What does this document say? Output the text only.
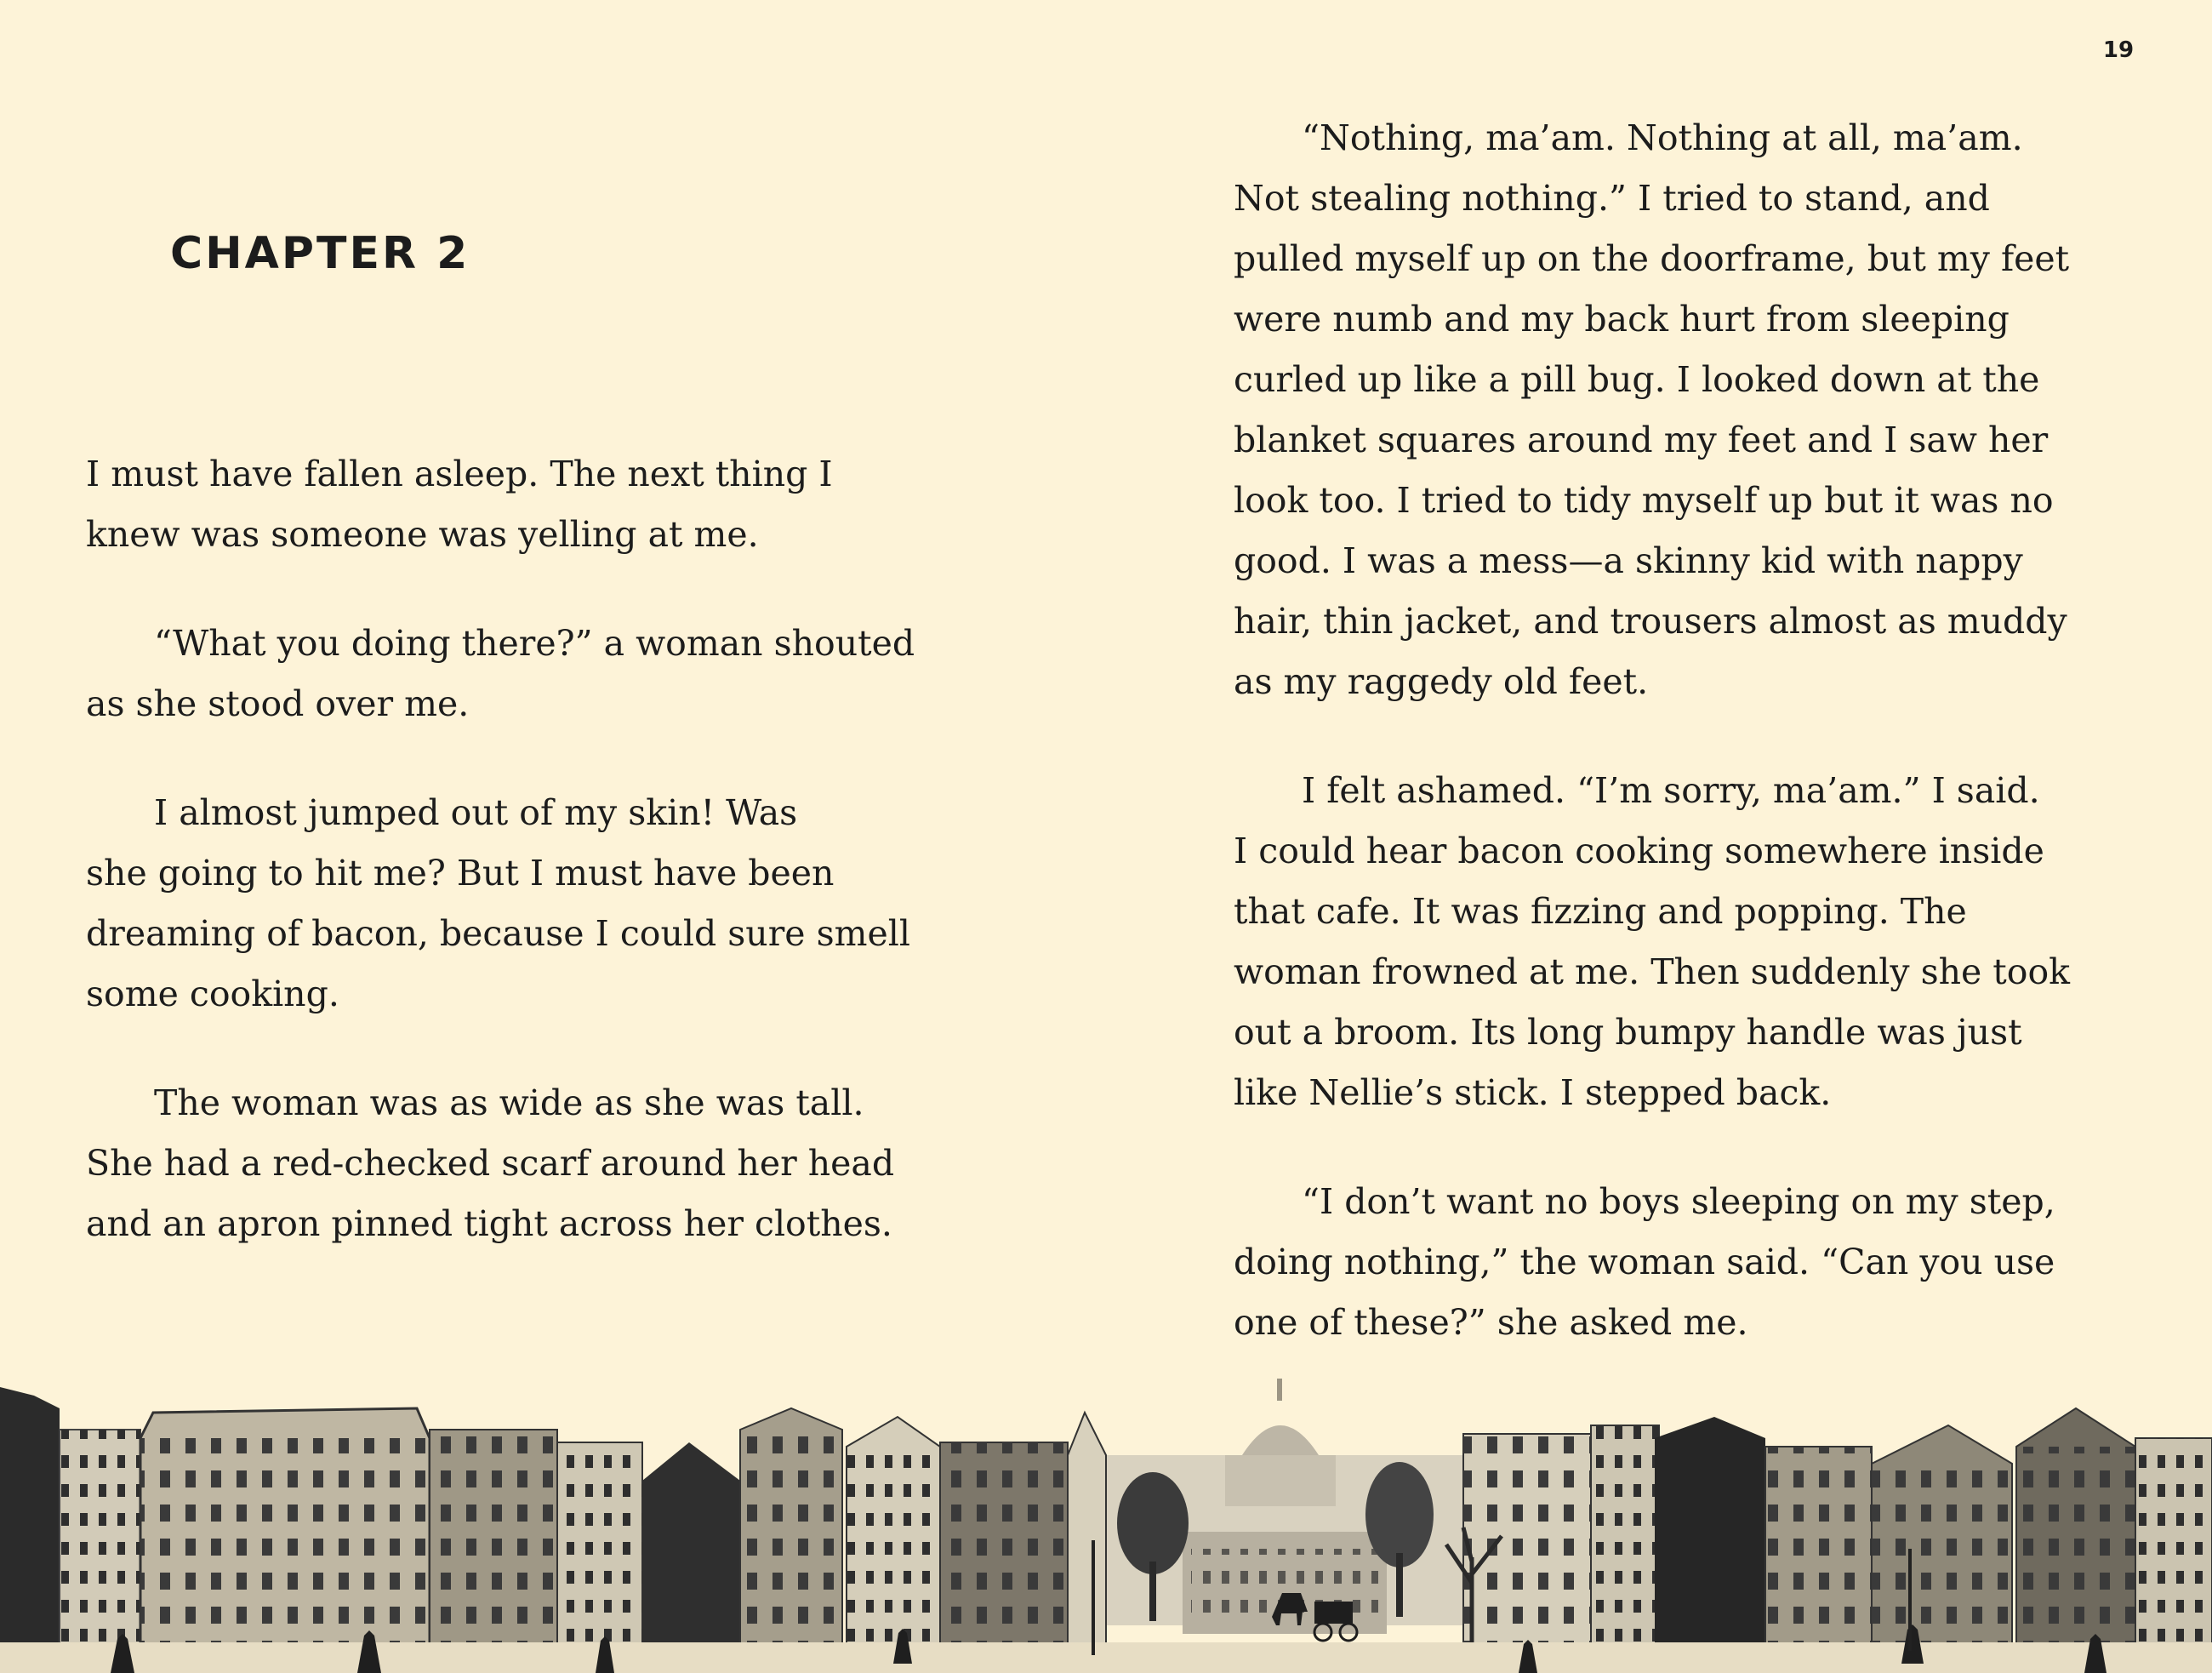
19
CHAPTER 2

I must have fallen asleep. The next thing I
knew was someone was yelling at me.

“What you doing there?” a woman shouted
as she stood over me.

I almost jumped out of my skin! Was
she going to hit me? But I must have been
dreaming of bacon, because I could sure smell
some cooking.

The woman was as wide as she was tall.
She had a red-checked scarf around her head
and an apron pinned tight across her clothes.

“Nothing, ma’am. Nothing at all, ma’am.
Not stealing nothing.” I tried to stand, and
pulled myself up on the doorframe, but my feet
were numb and my back hurt from sleeping
curled up like a pill bug. I looked down at the
blanket squares around my feet and I saw her
look too. I tried to tidy myself up but it was no
good. I was a mess—a skinny kid with nappy
hair, thin jacket, and trousers almost as muddy
as my raggedy old feet.

I felt ashamed. “I’m sorry, ma’am.” I said.
I could hear bacon cooking somewhere inside
that cafe. It was fizzing and popping. The
woman frowned at me. Then suddenly she took
out a broom. Its long bumpy handle was just
like Nellie’s stick. I stepped back.

“I don’t want no boys sleeping on my step,
doing nothing,” the woman said. “Can you use
one of these?” she asked me.
